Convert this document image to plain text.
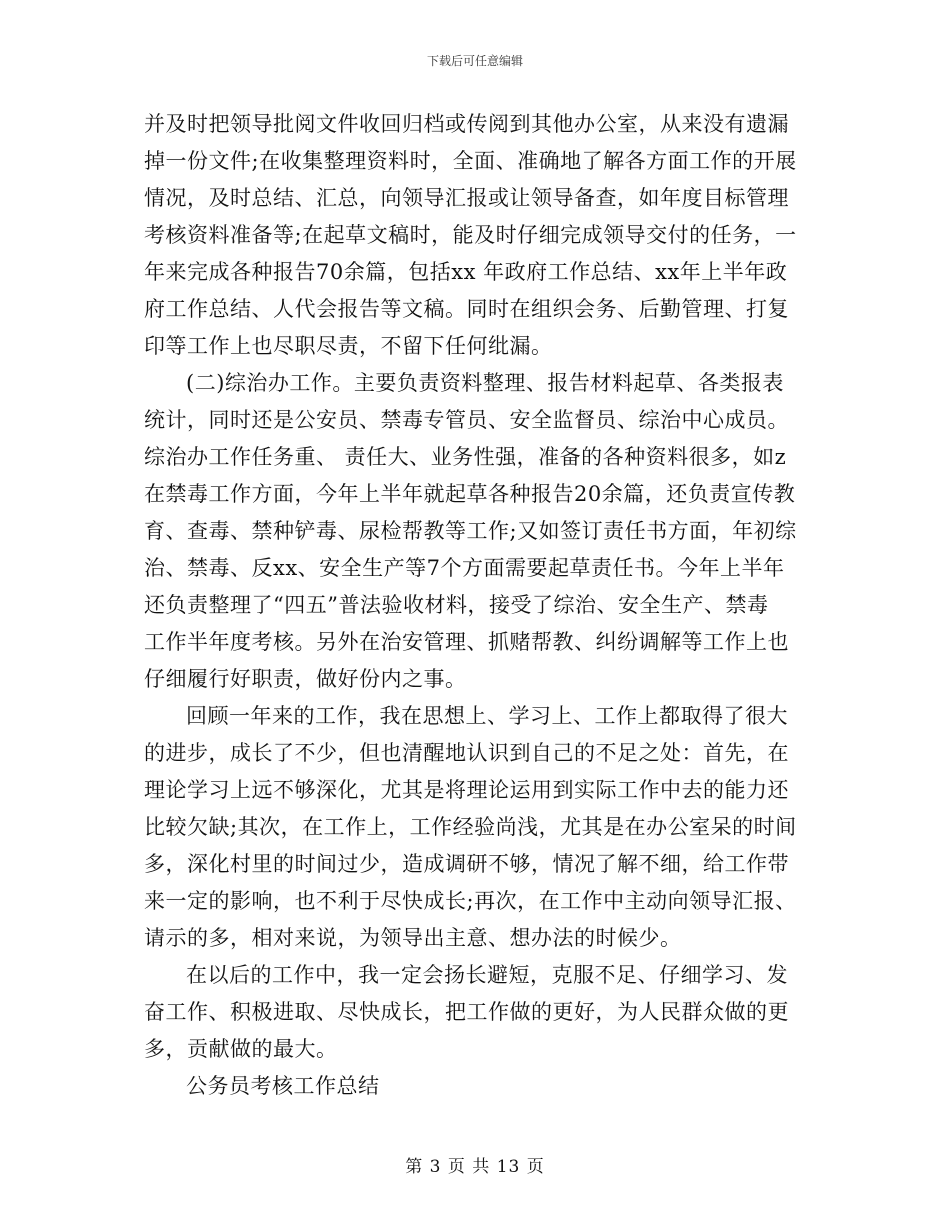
下载后可任意编辑
并及时把领导批阅文件收回归档或传阅到其他办公室，从来没有遗漏
掉一份文件;在收集整理资料时，全面、准确地了解各方面工作的开展
情况，及时总结、汇总，向领导汇报或让领导备查，如年度目标管理
考核资料准备等;在起草文稿时，能及时仔细完成领导交付的任务，一
年来完成各种报告70余篇，包括xx 年政府工作总结、xx年上半年政
府工作总结、人代会报告等文稿。同时在组织会务、后勤管理、打复
印等工作上也尽职尽责，不留下任何纰漏。
(二)综治办工作。主要负责资料整理、报告材料起草、各类报表
统计，同时还是公安员、禁毒专管员、安全监督员、综治中心成员。
综治办工作任务重、 责任大、业务性强，准备的各种资料很多，如z
在禁毒工作方面，今年上半年就起草各种报告20余篇，还负责宣传教
育、查毒、禁种铲毒、尿检帮教等工作;又如签订责任书方面，年初综
治、禁毒、反xx、安全生产等7个方面需要起草责任书。今年上半年
还负责整理了“四五”普法验收材料，接受了综治、安全生产、禁毒
工作半年度考核。另外在治安管理、抓赌帮教、纠纷调解等工作上也
仔细履行好职责，做好份内之事。
回顾一年来的工作，我在思想上、学习上、工作上都取得了很大
的进步，成长了不少，但也清醒地认识到自己的不足之处：首先，在
理论学习上远不够深化，尤其是将理论运用到实际工作中去的能力还
比较欠缺;其次，在工作上，工作经验尚浅，尤其是在办公室呆的时间
多，深化村里的时间过少，造成调研不够，情况了解不细，给工作带
来一定的影响，也不利于尽快成长;再次，在工作中主动向领导汇报、
请示的多，相对来说，为领导出主意、想办法的时候少。
在以后的工作中，我一定会扬长避短，克服不足、仔细学习、发
奋工作、积极进取、尽快成长，把工作做的更好，为人民群众做的更
多，贡献做的最大。
公务员考核工作总结
第 3 页 共 13 页
